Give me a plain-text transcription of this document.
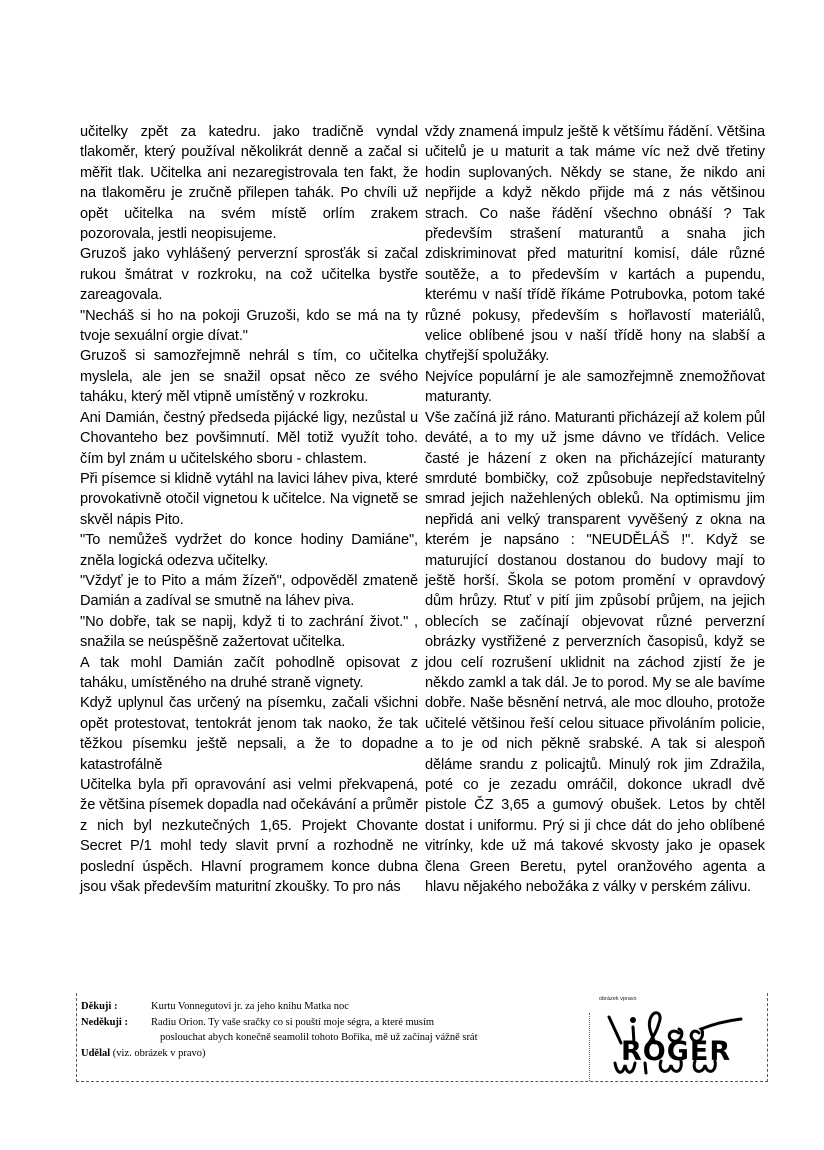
učitelky zpět za katedru. jako tradičně vyndal tlakoměr, který používal několikrát denně a začal si měřit tlak. Učitelka ani nezaregistrovala ten fakt, že na tlakoměru je zručně přilepen tahák. Po chvíli už opět učitelka na svém místě orlím zrakem pozorovala, jestli neopisujeme.

Gruzoš jako vyhlášený perverzní sprosťák si začal rukou šmátrat v rozkroku, na což učitelka bystře zareagovala.

"Necháš si ho na pokoji Gruzoši, kdo se má na ty tvoje sexuální orgie dívat."

Gruzoš si samozřejmně nehrál s tím, co učitelka myslela, ale jen se snažil opsat něco ze svého taháku, který měl vtipně umístěný v rozkroku.

Ani Damián, čestný předseda pijácké ligy, nezůstal u Chovanteho bez povšimnutí. Měl totiž využít toho. čím byl znám u učitelského sboru - chlastem.

Při písemce si klidně vytáhl na lavici láhev piva, které provokativně otočil vignetou k učitelce. Na vignetě se skvěl nápis Pito.

"To nemůžeš vydržet do konce hodiny Damiáne", zněla logická odezva učitelky.

"Vždyť je to Pito a mám žízeň", odpověděl zmateně Damián a zadíval se smutně na láhev piva.

"No dobře, tak se napij, když ti to zachrání život." , snažila se neúspěšně zažertovat učitelka.

A tak mohl Damián začít pohodlně opisovat z taháku, umístěného na druhé straně vignety.

Když uplynul čas určený na písemku, začali všichni opět protestovat, tentokrát jenom tak naoko, že tak těžkou písemku ještě nepsali, a že to dopadne katastrofálně

Učitelka byla při opravování asi velmi překvapená, že většina písemek dopadla nad očekávání a průměr z nich byl nezkutečných 1,65. Projekt Chovante Secret P/1 mohl tedy slavit první a rozhodně ne poslední úspěch. Hlavní programem konce dubna jsou však především maturitní zkoušky. To pro nás

vždy znamená impulz ještě k většímu řádění. Většina učitelů je u maturit a tak máme víc než dvě třetiny hodin suplovaných. Někdy se stane, že nikdo ani nepřijde a když někdo přijde má z nás většinou strach. Co naše řádění všechno obnáší ? Tak především strašení maturantů a snaha jich zdiskriminovat před maturitní komisí, dále různé soutěže, a to především v kartách a pupendu, kterému v naší třídě říkáme Potrubovka, potom také různé pokusy, především s hořlavostí materiálů, velice oblíbené jsou v naší třídě hony na slabší a chytřejší spolužáky.

Nejvíce populární je ale samozřejmně znemožňovat maturanty.

Vše začíná již ráno. Maturanti přicházejí až kolem půl deváté, a to my už jsme dávno ve třídách. Velice časté je házení z oken na přicházející maturanty smrduté bombičky, což způsobuje nepředstavitelný smrad jejich nažehlených obleků. Na optimismu jim nepřidá ani velký transparent vyvěšený z okna na kterém je napsáno : "NEUDĚLÁŠ !". Když se maturující dostanou dostanou do budovy mají to ještě horší. Škola se potom promění v opravdový dům hrůzy. Rtuť v pití jim způsobí průjem, na jejich oblecích se začínají objevovat různé perverzní obrázky vystřižené z perverzních časopisů, když se jdou celí rozrušení uklidnit na záchod zjistí že je někdo zamkl a tak dál. Je to porod. My se ale bavíme dobře. Naše běsnění netrvá, ale moc dlouho, protože učitelé většinou řeší celou situace přivoláním policie, a to je od nich pěkně srabské. A tak si alespoň děláme srandu z policajtů. Minulý rok jim Zdražila, poté co je zezadu omráčil, dokonce ukradl dvě pistole ČZ 3,65 a gumový obušek. Letos by chtěl dostat i uniformu. Prý si ji chce dát do jeho oblíbené vitrínky, kde už má takové skvosty jako je opasek člena Green Beretu, pytel oranžového agenta a hlavu nějakého nebožáka z války v perském zálivu.

Děkuji :	Kurtu Vonnegutovi jr. za jeho knihu Matka noc
Neděkuji :	Radiu Orion. Ty vaše sračky co si pouští moje ségra, a které musím
poslouchat abych konečně seamolil tohoto Bořika, mě už začínaj vážně srát
Udělal
(viz. obrázek v pravo)
obrázek vpravo
ROGER
